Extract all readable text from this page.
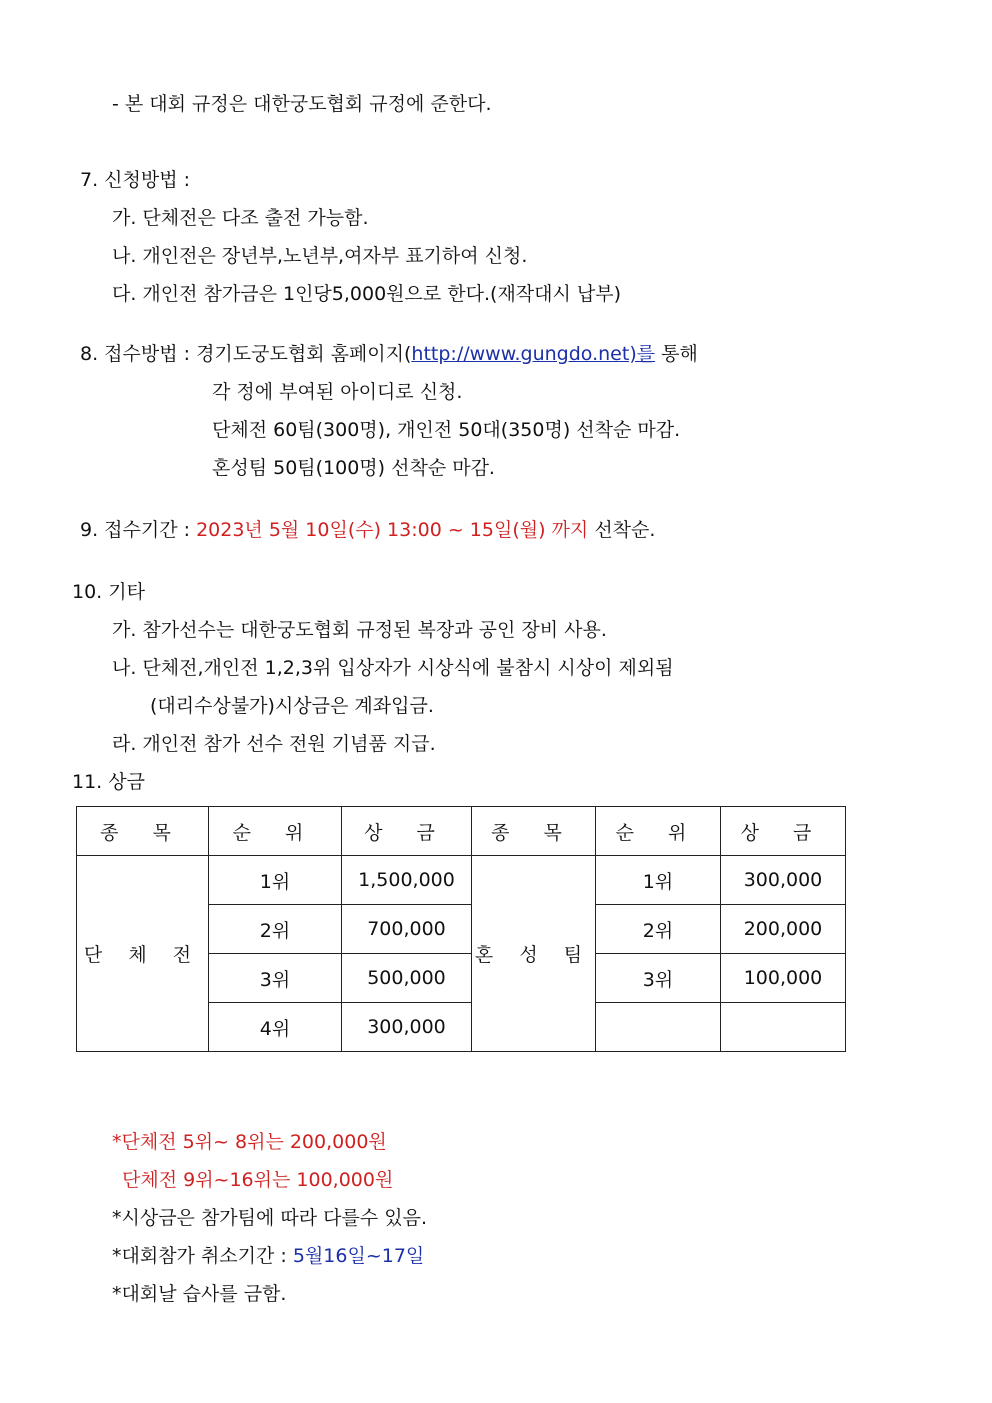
- 본 대회 규정은 대한궁도협회 규정에 준한다.
7. 신청방법 :
가. 단체전은 다조 출전 가능함.
나. 개인전은 장년부,노년부,여자부 표기하여 신청.
다. 개인전 참가금은 1인당5,000원으로 한다.(재작대시 납부)
8. 접수방법 : 경기도궁도협회 홈페이지(http://www.gungdo.net)를 통해
각 정에 부여된 아이디로 신청.
단체전 60팀(300명), 개인전 50대(350명) 선착순 마감.
혼성팀 50팀(100명) 선착순 마감.
9. 접수기간 : 2023년 5월 10일(수) 13:00 ~ 15일(월) 까지 선착순.
10. 기타
가. 참가선수는 대한궁도협회 규정된 복장과 공인 장비 사용.
나. 단체전,개인전 1,2,3위 입상자가 시상식에 불참시 시상이 제외됨
(대리수상불가)시상금은 계좌입금.
라. 개인전 참가 선수 전원 기념품 지급.
11. 상금
종 목	순 위	상 금	종 목	순 위	상 금
단 체 전	1위	1,500,000	혼 성 팀	1위	300,000
	2위	700,000		2위	200,000
	3위	500,000		3위	100,000
	4위	300,000			
*단체전 5위~ 8위는 200,000원
단체전 9위~16위는 100,000원
*시상금은 참가팀에 따라 다를수 있음.
*대회참가 취소기간 : 5월16일~17일
*대회날 습사를 금함.
